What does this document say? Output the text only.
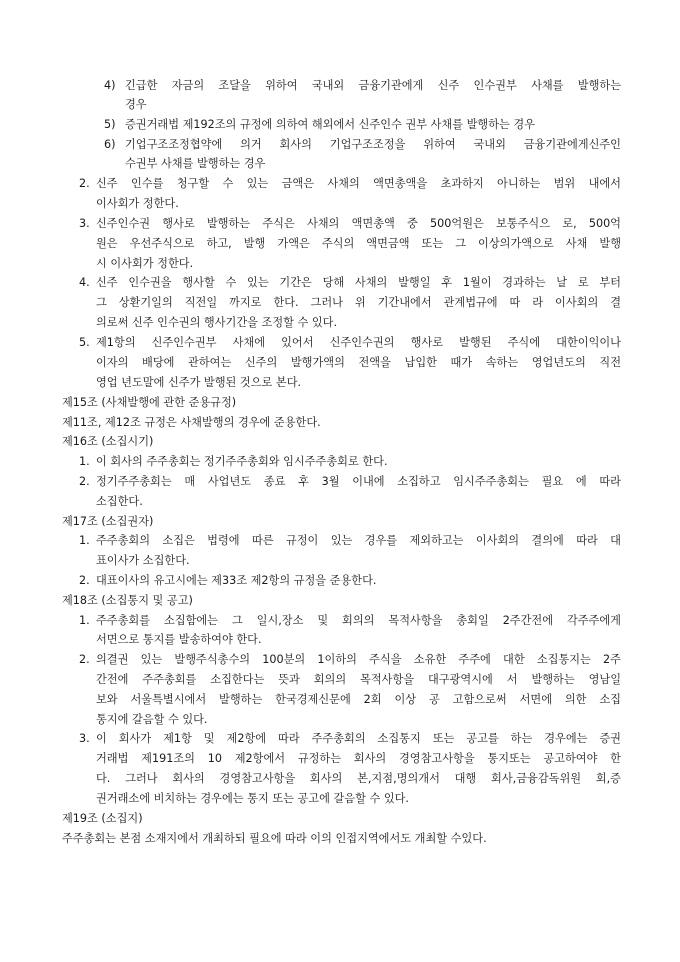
4) 긴급한 자금의 조달을 위하여 국내외 금융기관에게 신주 인수권부 사채를 발행하는
경우
5) 증권거래법 제192조의 규정에 의하여 해외에서 신주인수 권부 사채를 발행하는 경우
6) 기업구조조정협약에 의거 회사의 기업구조조정을 위하여 국내외 금융기관에게신주인
수권부 사채를 발행하는 경우
2. 신주 인수를 청구할 수 있는 금액은 사채의 액면총액을 초과하지 아니하는 범위 내에서
이사회가 정한다.
3. 신주인수권 행사로 발행하는 주식은 사채의 액면총액 중 500억원은 보통주식으 로, 500억
원은 우선주식으로 하고, 발행 가액은 주식의 액면금액 또는 그 이상의가액으로 사채 발행
시 이사회가 정한다.
4. 신주 인수권을 행사할 수 있는 기간은 당해 사채의 발행일 후 1월이 경과하는 날 로 부터
그 상환기일의 직전일 까지로 한다. 그러나 위 기간내에서 관계법규에 따 라 이사회의 결
의로써 신주 인수권의 행사기간을 조정할 수 있다.
5. 제1항의 신주인수권부 사채에 있어서 신주인수권의 행사로 발행된 주식에 대한이익이나
이자의 배당에 관하여는 신주의 발행가액의 전액을 납입한 때가 속하는 영업년도의 직전
영업 년도말에 신주가 발행된 것으로 본다.
제15조 (사채발행에 관한 준용규정)
제11조, 제12조 규정은 사채발행의 경우에 준용한다.
제16조 (소집시기)
1. 이 회사의 주주총회는 정기주주총회와 임시주주총회로 한다.
2. 정기주주총회는 매 사업년도 종료 후 3월 이내에 소집하고 임시주주총회는 필요 에 따라
소집한다.
제17조 (소집권자)
1. 주주총회의 소집은 법령에 따른 규정이 있는 경우를 제외하고는 이사회의 결의에 따라 대
표이사가 소집한다.
2. 대표이사의 유고시에는 제33조 제2항의 규정을 준용한다.
제18조 (소집통지 및 공고)
1. 주주총회를 소집함에는 그 일시,장소 및 회의의 목적사항을 총회일 2주간전에 각주주에게
서면으로 통지를 발송하여야 한다.
2. 의결권 있는 발행주식총수의 100분의 1이하의 주식을 소유한 주주에 대한 소집통지는 2주
간전에 주주총회를 소집한다는 뜻과 회의의 목적사항을 대구광역시에 서 발행하는 영남일
보와 서울특별시에서 발행하는 한국경제신문에 2회 이상 공 고함으로써 서면에 의한 소집
통지에 갈음할 수 있다.
3. 이 회사가 제1항 및 제2항에 따라 주주총회의 소집통지 또는 공고를 하는 경우에는 증권
거래법 제191조의 10 제2항에서 규정하는 회사의 경영참고사항을 통지또는 공고하여야 한
다. 그러나 회사의 경영참고사항을 회사의 본,지점,명의개서 대행 회사,금융감독위원 회,증
권거래소에 비치하는 경우에는 통지 또는 공고에 갈음할 수 있다.
제19조 (소집지)
주주총회는 본점 소재지에서 개최하되 필요에 따라 이의 인접지역에서도 개최할 수있다.
